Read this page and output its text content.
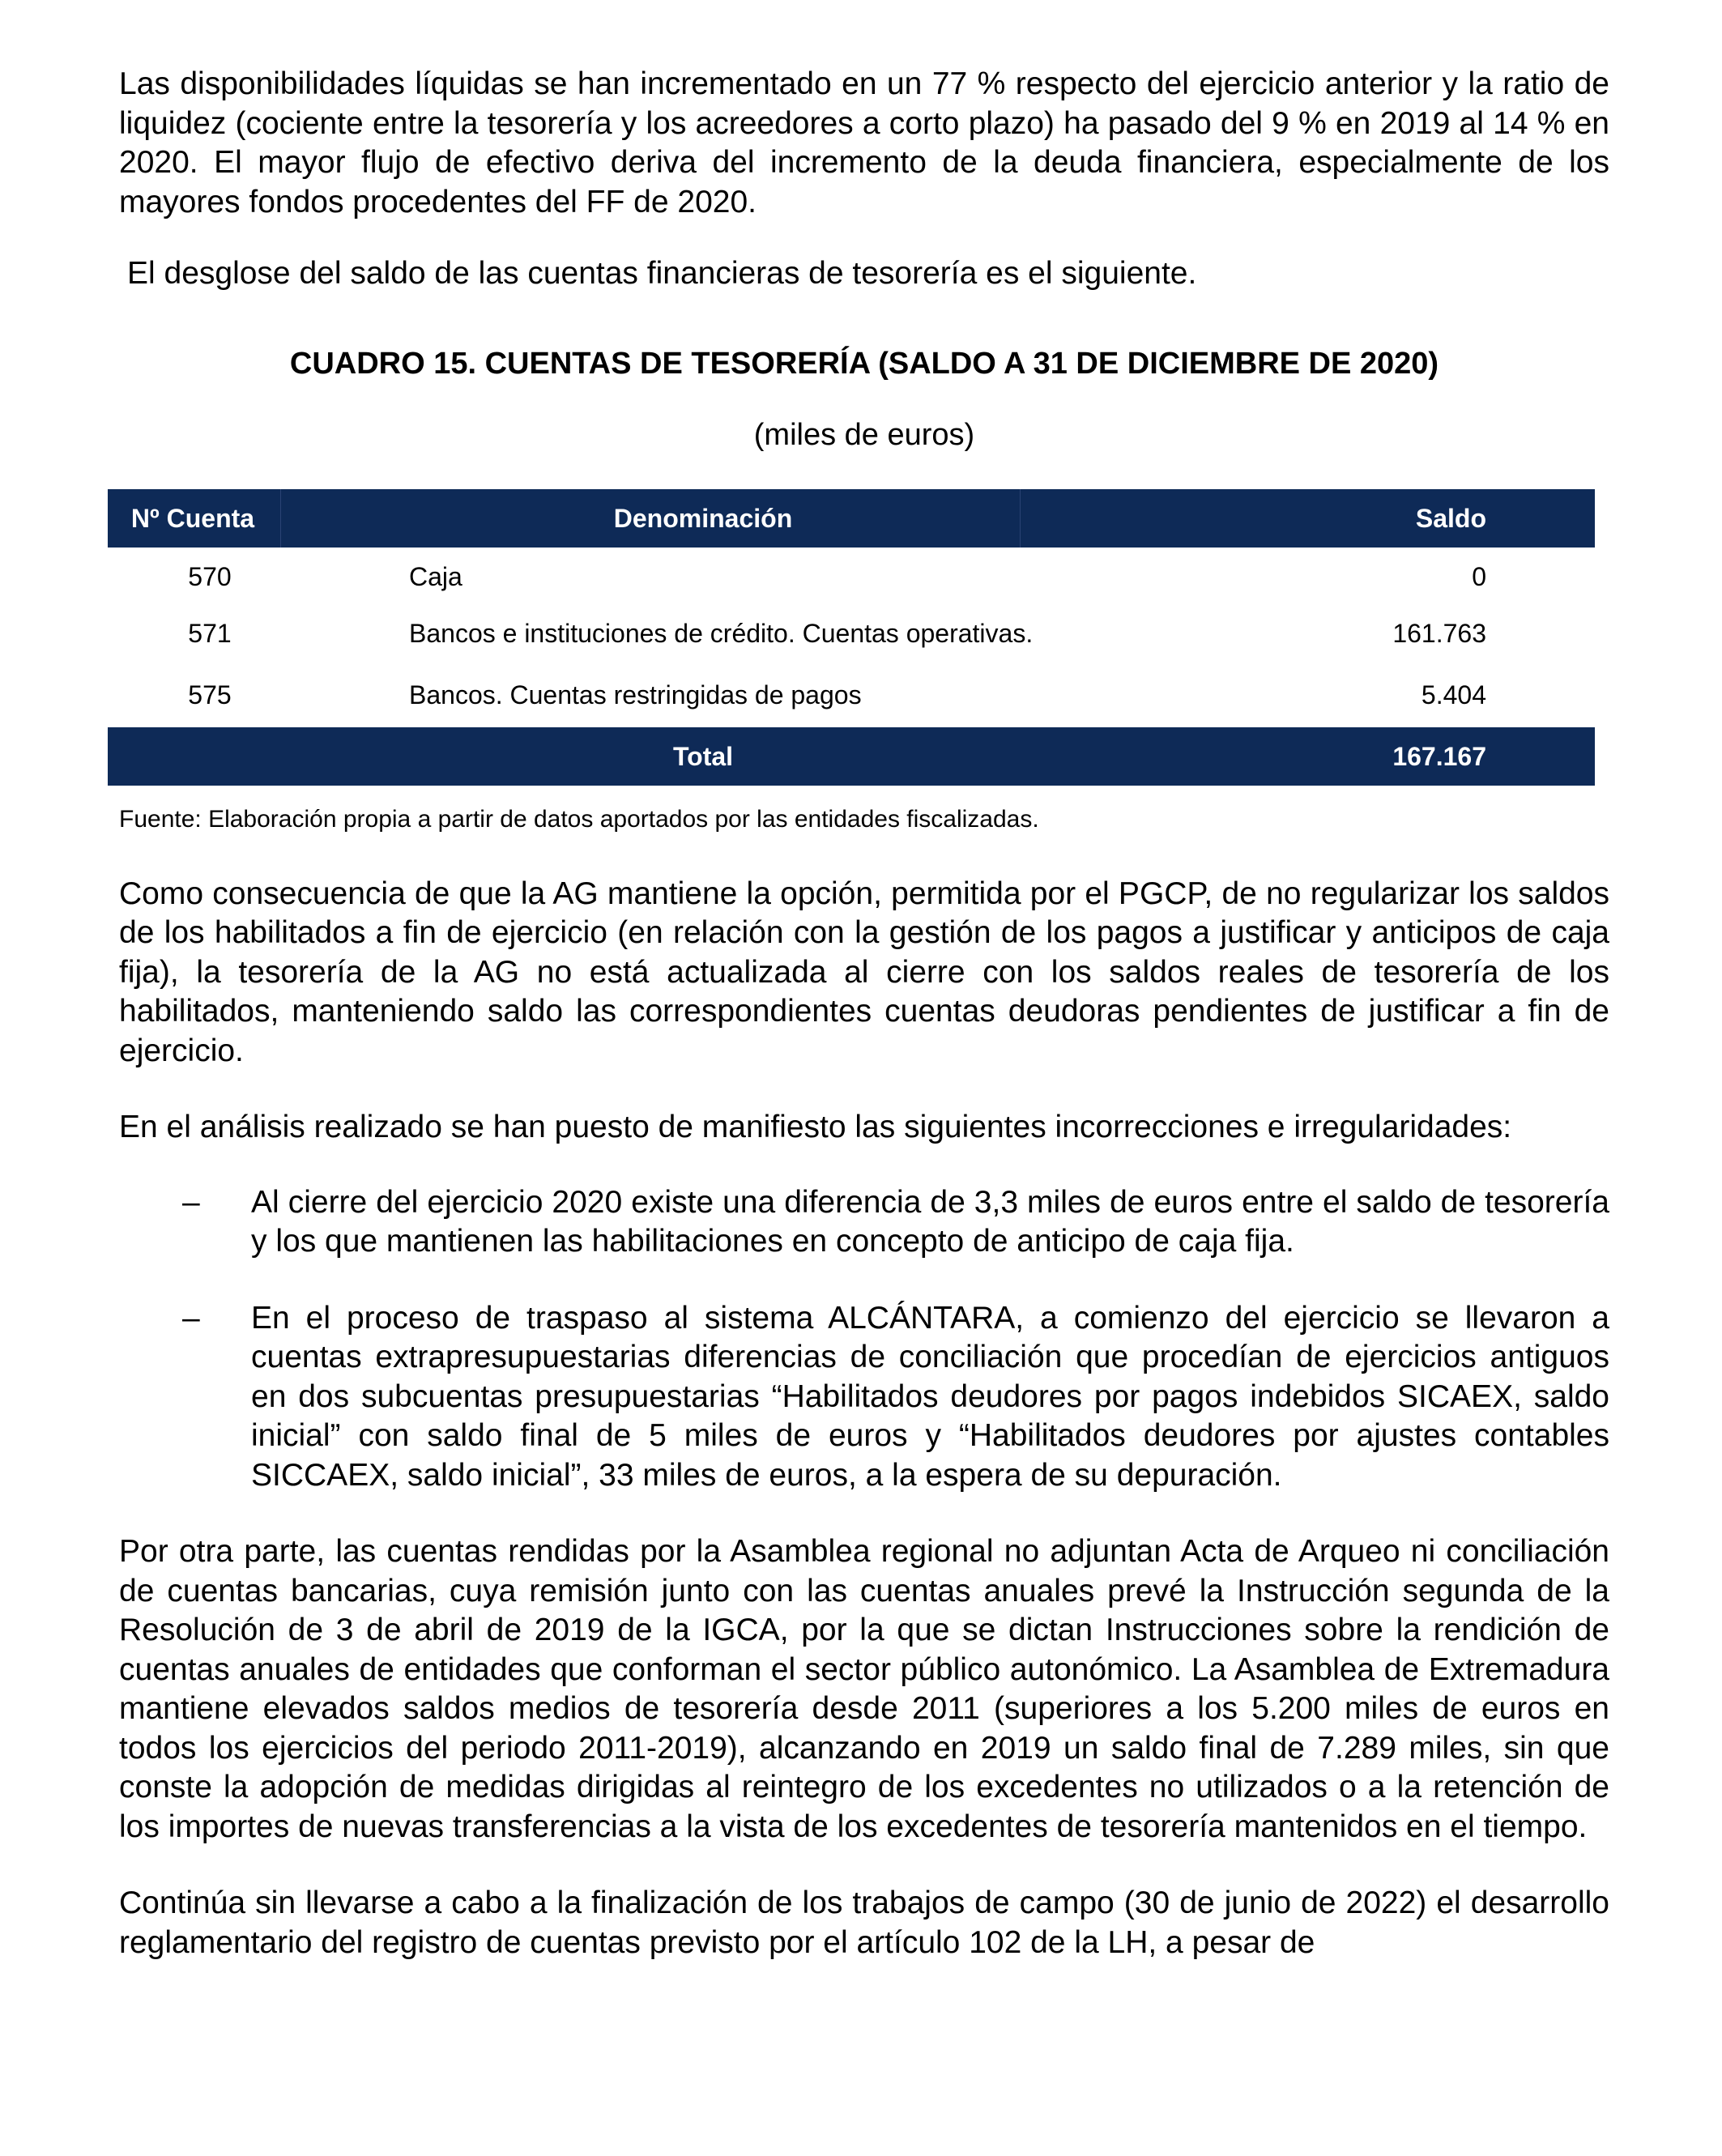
Las disponibilidades líquidas se han incrementado en un 77 % respecto del ejercicio anterior y la ratio de liquidez (cociente entre la tesorería y los acreedores a corto plazo) ha pasado del 9 % en 2019 al 14 % en 2020. El mayor flujo de efectivo deriva del incremento de la deuda financiera, especialmente de los mayores fondos procedentes del FF de 2020.

El desglose del saldo de las cuentas financieras de tesorería es el siguiente.

CUADRO 15. CUENTAS DE TESORERÍA (SALDO A 31 DE DICIEMBRE DE 2020)
(miles de euros)
Nº Cuenta	Denominación	Saldo
570	Caja	0
571	Bancos e instituciones de crédito. Cuentas operativas.	161.763
575	Bancos. Cuentas restringidas de pagos	5.404
Total	167.167
Fuente: Elaboración propia a partir de datos aportados por las entidades fiscalizadas.

Como consecuencia de que la AG mantiene la opción, permitida por el PGCP, de no regularizar los saldos de los habilitados a fin de ejercicio (en relación con la gestión de los pagos a justificar y anticipos de caja fija), la tesorería de la AG no está actualizada al cierre con los saldos reales de tesorería de los habilitados, manteniendo saldo las correspondientes cuentas deudoras pendientes de justificar a fin de ejercicio.

En el análisis realizado se han puesto de manifiesto las siguientes incorrecciones e irregularidades:

– Al cierre del ejercicio 2020 existe una diferencia de 3,3 miles de euros entre el saldo de tesorería y los que mantienen las habilitaciones en concepto de anticipo de caja fija.

– En el proceso de traspaso al sistema ALCÁNTARA, a comienzo del ejercicio se llevaron a cuentas extrapresupuestarias diferencias de conciliación que procedían de ejercicios antiguos en dos subcuentas presupuestarias “Habilitados deudores por pagos indebidos SICAEX, saldo inicial” con saldo final de 5 miles de euros y “Habilitados deudores por ajustes contables SICCAEX, saldo inicial”, 33 miles de euros, a la espera de su depuración.

Por otra parte, las cuentas rendidas por la Asamblea regional no adjuntan Acta de Arqueo ni conciliación de cuentas bancarias, cuya remisión junto con las cuentas anuales prevé la Instrucción segunda de la Resolución de 3 de abril de 2019 de la IGCA, por la que se dictan Instrucciones sobre la rendición de cuentas anuales de entidades que conforman el sector público autonómico. La Asamblea de Extremadura mantiene elevados saldos medios de tesorería desde 2011 (superiores a los 5.200 miles de euros en todos los ejercicios del periodo 2011-2019), alcanzando en 2019 un saldo final de 7.289 miles, sin que conste la adopción de medidas dirigidas al reintegro de los excedentes no utilizados o a la retención de los importes de nuevas transferencias a la vista de los excedentes de tesorería mantenidos en el tiempo.

Continúa sin llevarse a cabo a la finalización de los trabajos de campo (30 de junio de 2022) el desarrollo reglamentario del registro de cuentas previsto por el artículo 102 de la LH, a pesar de
